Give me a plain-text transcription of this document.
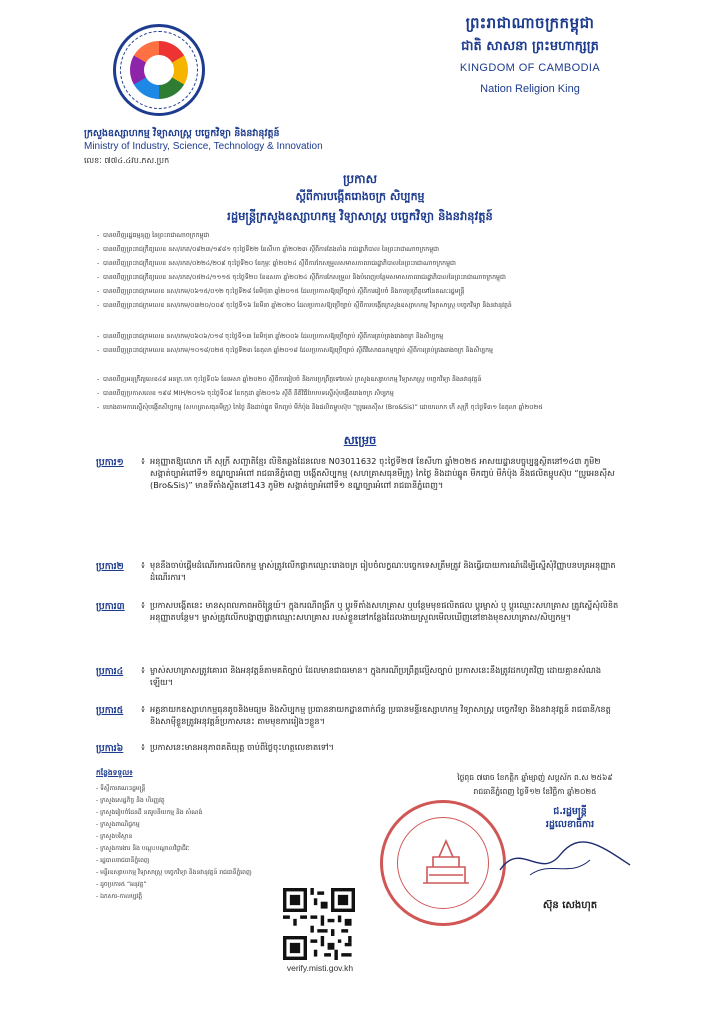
ព្រះរាជាណាចក្រកម្ពុជា
ជាតិ សាសនា ព្រះមហាក្សត្រ
KINGDOM OF CAMBODIA
Nation Religion King
ក្រសួងឧស្សាហកម្ម វិទ្យាសាស្ត្រ បច្ចេកវិទ្យា និងនវានុវត្តន៍
Ministry of Industry, Science, Technology & Innovation
លេខៈ ៧៧៤.៤វប.ភស.ប្រក
ប្រកាស
ស្តីពីការបង្កើតរោងចក្រ សិប្បកម្ម
រដ្ឋមន្ត្រីក្រសួងឧស្សាហកម្ម វិទ្យាសាស្ត្រ បច្ចេកវិទ្យា និងនវានុវត្តន៍
- បានឃើញរដ្ឋធម្មនុញ្ញ នៃព្រះរាជាណាចក្រកម្ពុជា
- បានឃើញព្រះរាជក្រឹត្យលេខ នស/រកត/០៨២៣/១៩៨១ ចុះថ្ងៃទី២២ ខែសីហា ឆ្នាំ២០២៣ ស្តីពីការតែងតាំង រាជរដ្ឋាភិបាល នៃព្រះរាជាណាចក្រកម្ពុជា
- បានឃើញព្រះរាជក្រឹត្យលេខ នស/រកត/០២២៤/២០៩ ចុះថ្ងៃទី២០ ខែកុម្ភៈ ឆ្នាំ២០២៤ ស្តីពីការកែសម្រួលសមាសភាពរាជរដ្ឋាភិបាលនៃព្រះរាជាណាចក្រកម្ពុជា
- បានឃើញព្រះរាជក្រឹត្យលេខ នស/រកត/០៥២៤/១១១៥ ចុះថ្ងៃទី២០ ខែឧសភា ឆ្នាំ២០២៤ ស្តីពីការកែសម្រួល និងបំពេញបន្ថែមសមាសភាពរាជរដ្ឋាភិបាលនៃព្រះរាជាណាចក្រកម្ពុជា
- បានឃើញព្រះរាជក្រមលេខ នស/រកម/០៦១៥/០១២ ចុះថ្ងៃទី២៨ ខែមិថុនា ឆ្នាំ២០១៥ ដែលប្រកាសឱ្យប្រើច្បាប់ ស្តីពីការរៀបចំ និងការប្រព្រឹត្តទៅនៃគណៈរដ្ឋមន្ត្រី
- បានឃើញព្រះរាជក្រមលេខ នស/រកម/០៣២០/០០៩ ចុះថ្ងៃទី១៦ ខែមីនា ឆ្នាំ២០២០ ដែលប្រកាសឱ្យប្រើច្បាប់ ស្តីពីការបង្កើតក្រសួងឧស្សាហកម្ម វិទ្យាសាស្ត្រ បច្ចេកវិទ្យា និងនវានុវត្តន៍
- បានឃើញព្រះរាជក្រមលេខ នស/រកម/០៦០៦/០១៨ ចុះថ្ងៃទី១៣ ខែមិថុនា ឆ្នាំ២០០៦ ដែលប្រកាសឱ្យប្រើច្បាប់ ស្តីពីការគ្រប់គ្រងរោងចក្រ និងសិប្បកម្ម
- បានឃើញព្រះរាជក្រមលេខ នស/រកម/១០១៨/០២៥ ចុះថ្ងៃទី២៣ ខែតុលា ឆ្នាំ២០១៨ ដែលប្រកាសឱ្យប្រើច្បាប់ ស្តីពីវិសោធនកម្មច្បាប់ ស្តីពីការគ្រប់គ្រងរោងចក្រ និងសិប្បកម្ម
- បានឃើញអនុក្រឹត្យលេខ៤៨ អនក្រ.បក ចុះថ្ងៃទី០៦ ខែមេសា ឆ្នាំ២០២០ ស្តីពីការរៀបចំ និងការប្រព្រឹត្តទៅរបស់ ក្រសួងឧស្សាហកម្ម វិទ្យាសាស្ត្រ បច្ចេកវិទ្យា និងនវានុវត្តន៍
- បានឃើញប្រកាសលេខ ១៩៨ MIH/២០១៦ ចុះថ្ងៃទី០៩ ខែកក្កដា ឆ្នាំ២០១៦ ស្តីពី នីតិវិធីបែបបទស្នើសុំបង្កើតរោងចក្រ សិប្បកម្ម
- យោងតាមការស្នើសុំបង្កើតសិប្បកម្ម (សហគ្រាសធុនមីក្រូ) កៃថ្ងៃ និងដាប់ឆ្នូត មីកញ្ចប់ មីកំប៉ុង និងផលិតម្ហូបស៊ុប “ប្រូអេនស៊ីស (Bro&Sis)” ដោយលោក កើ សុក្រី ចុះថ្ងៃទី៣១ ខែតុលា ឆ្នាំ២០២៥
សម្រេច
ប្រការ១ ៖ អនុញ្ញាតឱ្យលោក កើ សុក្រី សញ្ជាតិខ្មែរ លិខិតឆ្លងដែនលេខ N03011632 ចុះថ្ងៃទី២៧ ខែសីហា ឆ្នាំ២០២៥ អាសយដ្ឋានបច្ចុប្បន្នស្ថិតនៅ១៤៣ ភូមិ២ សង្កាត់ច្បាអំពៅទី១ ខណ្ឌច្បារអំពៅ រាជធានីភ្នំពេញ បង្កើតសិប្បកម្ម (សហគ្រាសធុនមីក្រូ) កៃថ្ងៃ និងដាប់ឆ្នូត មីកញ្ចប់ មីកំប៉ុង និងផលិតម្ហូបស៊ុប “ប្រូអេនស៊ីស (Bro&Sis)” មានទីតាំងស្ថិតនៅ143 ភូមិ២ សង្កាត់ច្បាអំពៅទី១ ខណ្ឌច្បារអំពៅ រាជធានីភ្នំពេញ។
ប្រការ២ ៖ មុននឹងចាប់ផ្ដើមដំណើរការផលិតកម្ម ម្ចាស់ត្រូវលើកផ្លាកឈ្មោះរោងចក្រ រៀបចំលក្ខណៈបច្ចេកទេសត្រឹមត្រូវ និងធ្វើរបាយការណ៍ដើម្បីស្នើសុំវិញ្ញាបនបត្រអនុញ្ញាតដំណើរការ។
ប្រការ៣ ៖ ប្រកាសបង្កើតនេះ មានសុពលភាពអចិន្ត្រៃយ៍។ ក្នុងករណីពង្រីក ឬ ប្ដូរទីតាំងសហគ្រាស ឬបន្ថែមមុខផលិតផល ប្ដូរម្ចាស់ ឬ ប្ដូរឈ្មោះសហគ្រាស ត្រូវស្នើសុំលិខិតអនុញ្ញាតបន្ថែម។ ម្ចាស់ត្រូវលើកបង្ហាញផ្លាកឈ្មោះសហគ្រាស របស់ខ្លួននៅកន្លែងដែលងាយស្រួលមើលឃើញនៅខាងមុខសហគ្រាស/សិប្បកម្ម។
ប្រការ៤ ៖ ម្ចាស់សហគ្រាសត្រូវគោរព និងអនុវត្តន៍តាមគតិច្បាប់ ដែលមានជាធរមាន។ ក្នុងករណីប្រព្រឹត្តល្មើសច្បាប់ ប្រកាសនេះនឹងត្រូវដកហូតវិញ ដោយគ្មានសំណងឡើយ។
ប្រការ៥ ៖ អគ្គនាយកឧស្សាហកម្មធុនតូចនិងមធ្យម និងសិប្បកម្ម ប្រធាននាយកដ្ឋានពាក់ព័ន្ធ ប្រធានមន្ទីរឧស្សាហកម្ម វិទ្យាសាស្ត្រ បច្ចេកវិទ្យា និងនវានុវត្តន៍ រាជធានី/ខេត្ត និងសាម៉ីខ្លួនត្រូវអនុវត្តន៍ប្រកាសនេះ តាមមុខការរៀងៗខ្លួន។
ប្រការ៦ ៖ ប្រកាសនេះមានអនុភាពគតិយុត្ត ចាប់ពីថ្ងៃចុះហត្ថលេខាតទៅ។
កន្លែងទទួល៖
- ទីស្តីការគណៈរដ្ឋមន្ត្រី
- ក្រសួងសេដ្ឋកិច្ច និង ហិរញ្ញវត្ថុ
- ក្រសួងរៀបចំដែនដី នគរូបនីយកម្ម និង សំណង់
- ក្រសួងពាណិជ្ជកម្ម
- ក្រសួងបរិស្ថាន
- ក្រសួងការងារ និង បណ្តុះបណ្តាលវិជ្ជាជីវៈ
- រដ្ឋបាលរាជធានីភ្នំពេញ
- មន្ទីរឧស្សាហកម្ម វិទ្យាសាស្ត្រ បច្ចេកវិទ្យា និងនវានុវត្តន៍ រាជធានីភ្នំពេញ
- ដូចប្រការ៥ “អនុវត្ត”
- ឯកសារ-កាលប្បវត្តិ
ថ្ងៃពុធ ៧រោច ខែកត្តិក ឆ្នាំម្សាញ់ សប្តស័ក ព.ស ២៥៦៩
រាជធានីភ្នំពេញ ថ្ងៃទី១២ ខែវិច្ឆិកា ឆ្នាំ២០២៥
ជ.រដ្ឋមន្ត្រី
រដ្ឋលេខាធិការ
ស៊ុន សេងហុត
verify.misti.gov.kh
